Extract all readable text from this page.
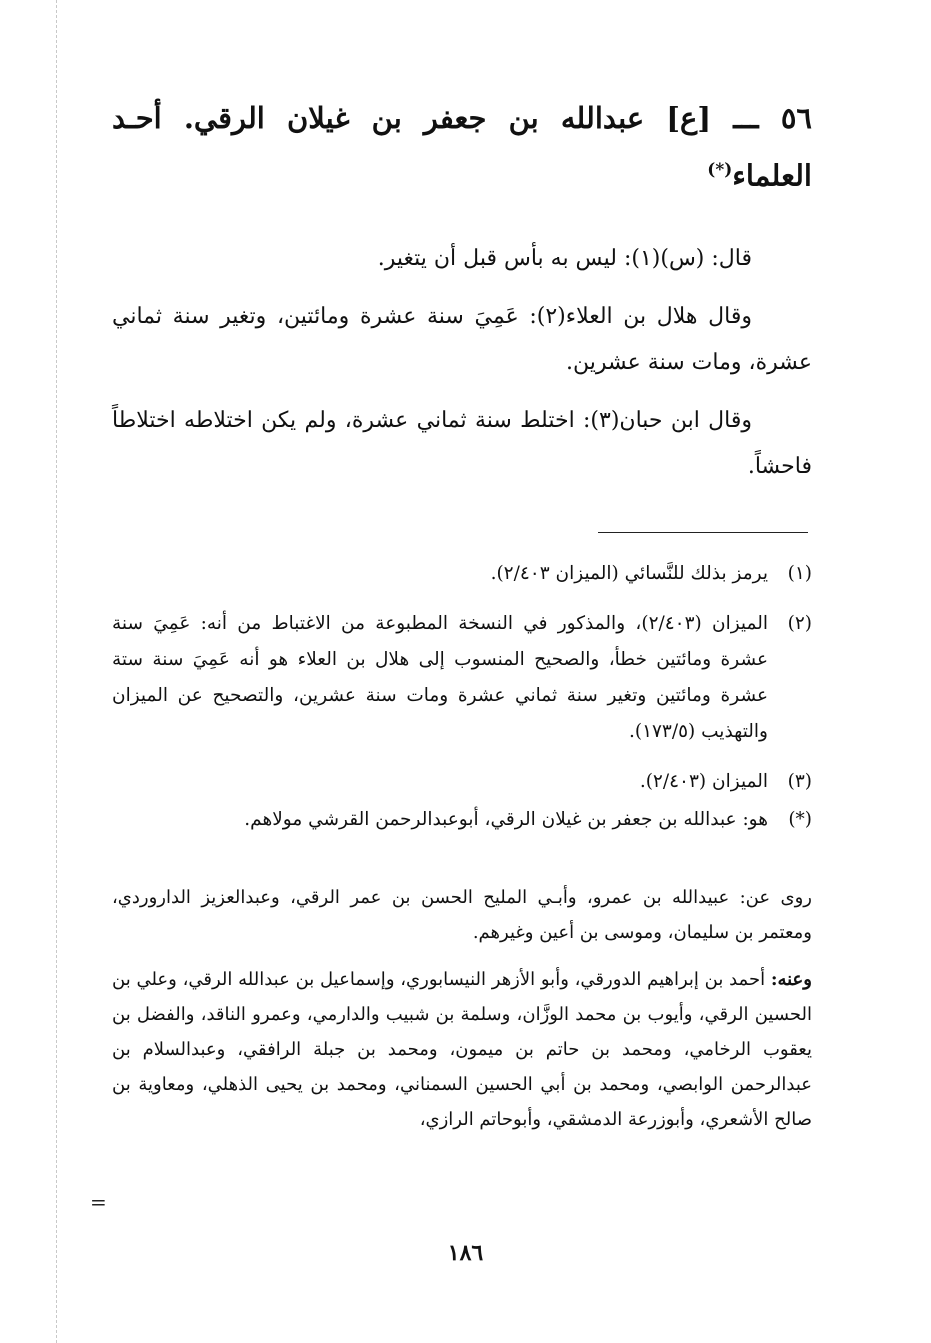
٥٦ ـــ [ع] عبدالله بن جعفر بن غيلان الرقي. أحـد العلماء(*)

قال: (س)(١): ليس به بأس قبل أن يتغير.

وقال هلال بن العلاء(٢): عَمِيَ سنة عشرة ومائتين، وتغير سنة ثماني عشرة، ومات سنة عشرين.

وقال ابن حبان(٣): اختلط سنة ثماني عشرة، ولم يكن اختلاطه اختلاطاً فاحشاً.

(١)
يرمز بذلك للنَّسائي (الميزان ٢/٤٠٣).
(٢)
الميزان (٢/٤٠٣)، والمذكور في النسخة المطبوعة من الاغتباط من أنه: عَمِيَ سنة عشرة ومائتين خطأ، والصحيح المنسوب إلى هلال بن العلاء هو أنه عَمِيَ سنة ستة عشرة ومائتين وتغير سنة ثماني عشرة ومات سنة عشرين، والتصحيح عن الميزان والتهذيب (١٧٣/٥).
(٣)
الميزان (٢/٤٠٣).
(*)
هو: عبدالله بن جعفر بن غيلان الرقي، أبوعبدالرحمن القرشي مولاهم.

روى عن: عبيدالله بن عمرو، وأبـي المليح الحسن بن عمر الرقي، وعبدالعزيز الداروردي، ومعتمر بن سليمان، وموسى بن أعين وغيرهم.

وعنه: أحمد بن إبراهيم الدورقي، وأبو الأزهر النيسابوري، وإسماعيل بن عبدالله الرقي، وعلي بن الحسين الرقي، وأيوب بن محمد الوزَّان، وسلمة بن شبيب والدارمي، وعمرو الناقد، والفضل بن يعقوب الرخامي، ومحمد بن حاتم بن ميمون، ومحمد بن جبلة الرافقي، وعبدالسلام بن عبدالرحمن الوابصي، ومحمد بن أبي الحسين السمناني، ومحمد بن يحيى الذهلي، ومعاوية بن صالح الأشعري، وأبوزرعة الدمشقي، وأبوحاتم الرازي،

=
١٨٦
